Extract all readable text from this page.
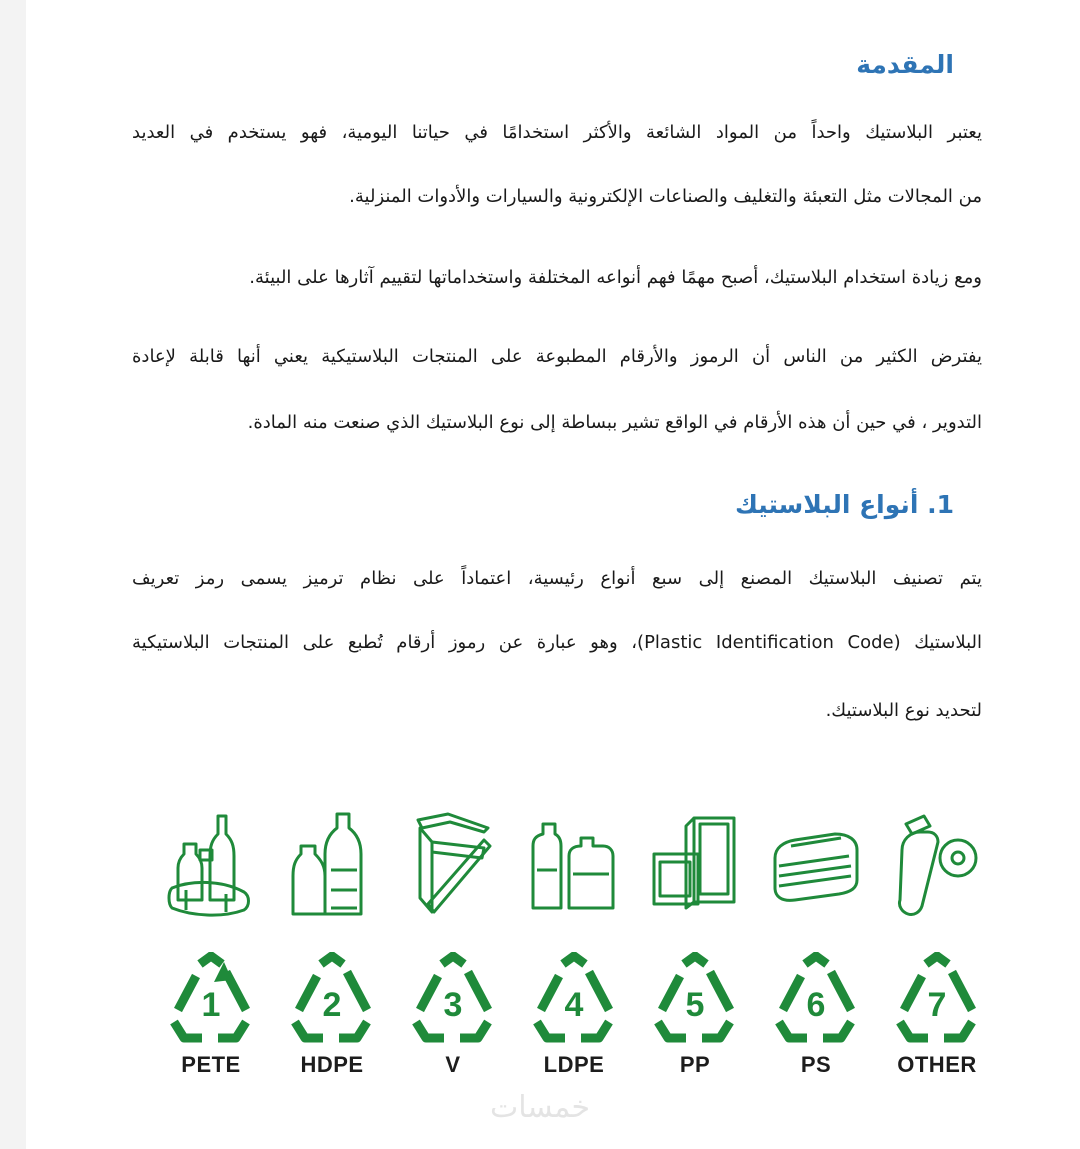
المقدمة
يعتبر البلاستيك واحداً من المواد الشائعة والأكثر استخدامًا في حياتنا اليومية، فهو يستخدم في العديد
من المجالات مثل التعبئة والتغليف والصناعات الإلكترونية والسيارات والأدوات المنزلية.
ومع زيادة استخدام البلاستيك، أصبح مهمًا فهم أنواعه المختلفة واستخداماتها لتقييم آثارها على البيئة.
يفترض الكثير من الناس أن الرموز والأرقام المطبوعة على المنتجات البلاستيكية يعني أنها قابلة لإعادة
التدوير ، في حين أن هذه الأرقام في الواقع تشير ببساطة إلى نوع البلاستيك الذي صنعت منه المادة.
1. أنواع البلاستيك
يتم تصنيف البلاستيك المصنع إلى سبع أنواع رئيسية، اعتماداً على نظام ترميز يسمى رمز تعريف
البلاستيك (Plastic Identification Code)، وهو عبارة عن رموز أرقام تُطبع على المنتجات البلاستيكية
لتحديد نوع البلاستيك.
1
PETE
2
HDPE
3
V
4
LDPE
5
PP
6
PS
7
OTHER
خمسات
